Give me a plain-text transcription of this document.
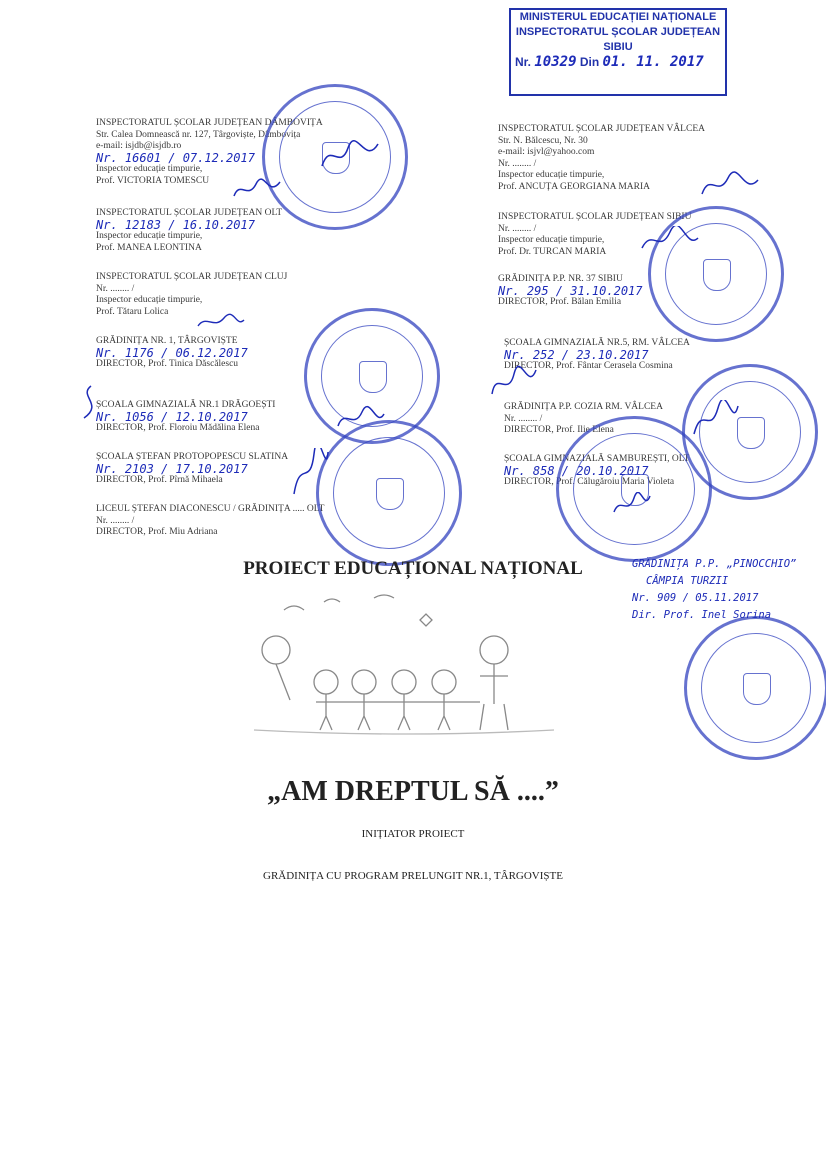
MINISTERUL EDUCAȚIEI NAȚIONALE
INSPECTORATUL ȘCOLAR JUDEȚEAN
SIBIU
Nr. 10329 Din 01. 11. 2017
INSPECTORATUL ȘCOLAR JUDEȚEAN DÂMBOVIȚA
Str. Calea Domnească nr. 127, Târgoviște, Dâmbovița
e-mail: isjdb@isjdb.ro
Nr. 16601 / 07.12.2017
Inspector educație timpurie,
Prof. VICTORIA TOMESCU
INSPECTORATUL ȘCOLAR JUDEȚEAN OLT
Nr. 12183 / 16.10.2017
Inspector educație timpurie,
Prof. MANEA LEONTINA
INSPECTORATUL ȘCOLAR JUDEȚEAN CLUJ
Nr. ........ /
Inspector educație timpurie,
Prof. Tătaru Lolica
GRĂDINIȚA NR. 1, TÂRGOVIȘTE
Nr. 1176 / 06.12.2017
DIRECTOR, Prof. Tinica Dăscălescu
ȘCOALA GIMNAZIALĂ NR.1 DRĂGOEȘTI
Nr. 1056 / 12.10.2017
DIRECTOR, Prof. Floroiu Mădălina Elena
ȘCOALA ȘTEFAN PROTOPOPESCU SLATINA
Nr. 2103 / 17.10.2017
DIRECTOR, Prof. Pîrnă Mihaela
LICEUL ȘTEFAN DIACONESCU / GRĂDINIȚA ..... OLT
Nr. ........ /
DIRECTOR, Prof. Miu Adriana
INSPECTORATUL ȘCOLAR JUDEȚEAN VÂLCEA
Str. N. Bălcescu, Nr. 30
e-mail: isjvl@yahoo.com
Nr. ........ /
Inspector educație timpurie,
Prof. ANCUȚA GEORGIANA MARIA
INSPECTORATUL ȘCOLAR JUDEȚEAN SIBIU
Nr. ........ /
Inspector educație timpurie,
Prof. Dr. TURCAN MARIA
GRĂDINIȚA P.P. NR. 37 SIBIU
Nr. 295 / 31.10.2017
DIRECTOR, Prof. Bălan Emilia
ȘCOALA GIMNAZIALĂ NR.5, RM. VÂLCEA
Nr. 252 / 23.10.2017
DIRECTOR, Prof. Fântar Cerasela Cosmina
GRĂDINIȚA P.P. COZIA RM. VÂLCEA
Nr. ........ /
DIRECTOR, Prof. Ilie Elena
ȘCOALA GIMNAZIALĂ SAMBUREȘTI, OLT
Nr. 858 / 20.10.2017
DIRECTOR, Prof. Călugăroiu Maria Violeta
GRĂDINIȚA P.P. „PINOCCHIO”
CÂMPIA TURZII
Nr. 909 / 05.11.2017
Dir. Prof. Inel Sorina
PROIECT EDUCAȚIONAL NAȚIONAL
„AM DREPTUL SĂ ....”
INIȚIATOR PROIECT
GRĂDINIȚA CU PROGRAM PRELUNGIT NR.1, TÂRGOVIȘTE
